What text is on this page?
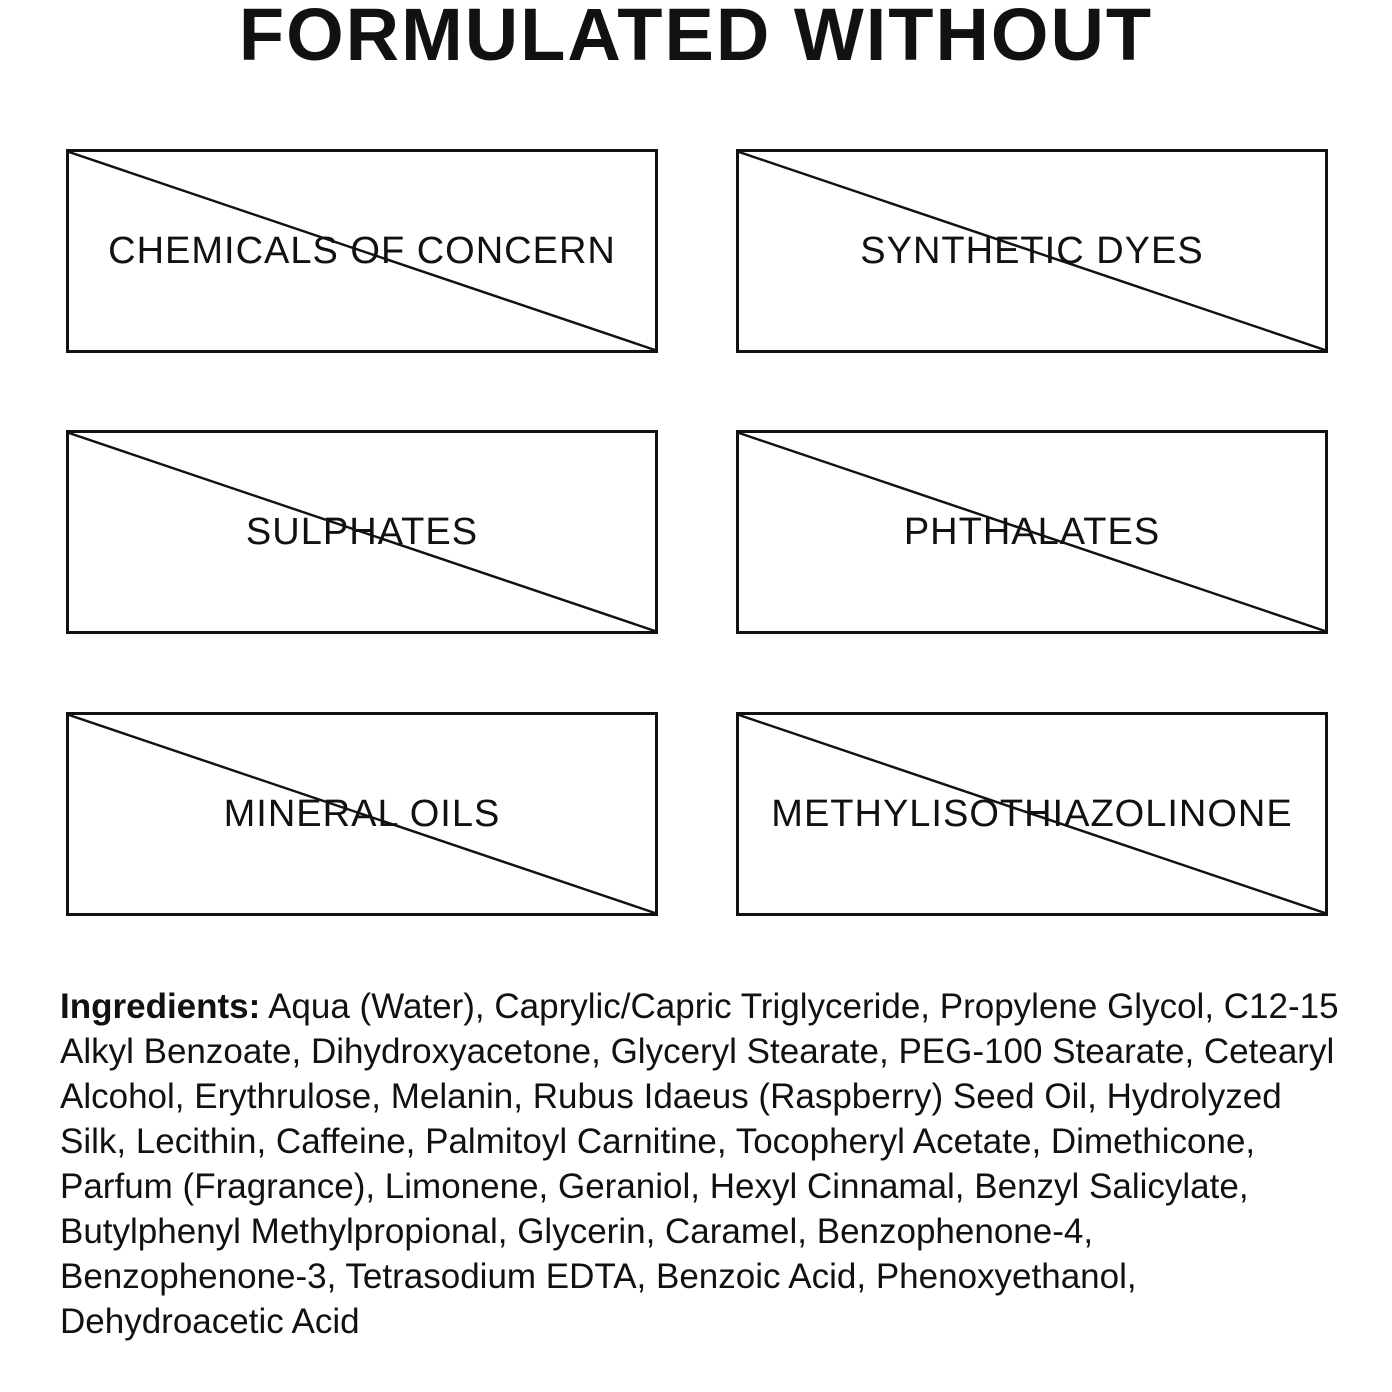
FORMULATED WITHOUT
CHEMICALS OF CONCERN	SYNTHETIC DYES
SULPHATES	PHTHALATES
MINERAL OILS	METHYLISOTHIAZOLINONE
Ingredients: Aqua (Water), Caprylic/Capric Triglyceride, Propylene Glycol, C12-15 Alkyl Benzoate, Dihydroxyacetone, Glyceryl Stearate, PEG-100 Stearate, Cetearyl Alcohol, Erythrulose, Melanin, Rubus Idaeus (Raspberry) Seed Oil, Hydrolyzed Silk, Lecithin, Caffeine, Palmitoyl Carnitine, Tocopheryl Acetate, Dimethicone, Parfum (Fragrance), Limonene, Geraniol, Hexyl Cinnamal, Benzyl Salicylate, Butylphenyl Methylpropional, Glycerin, Caramel, Benzophenone-4, Benzophenone-3, Tetrasodium EDTA, Benzoic Acid, Phenoxyethanol, Dehydroacetic Acid
